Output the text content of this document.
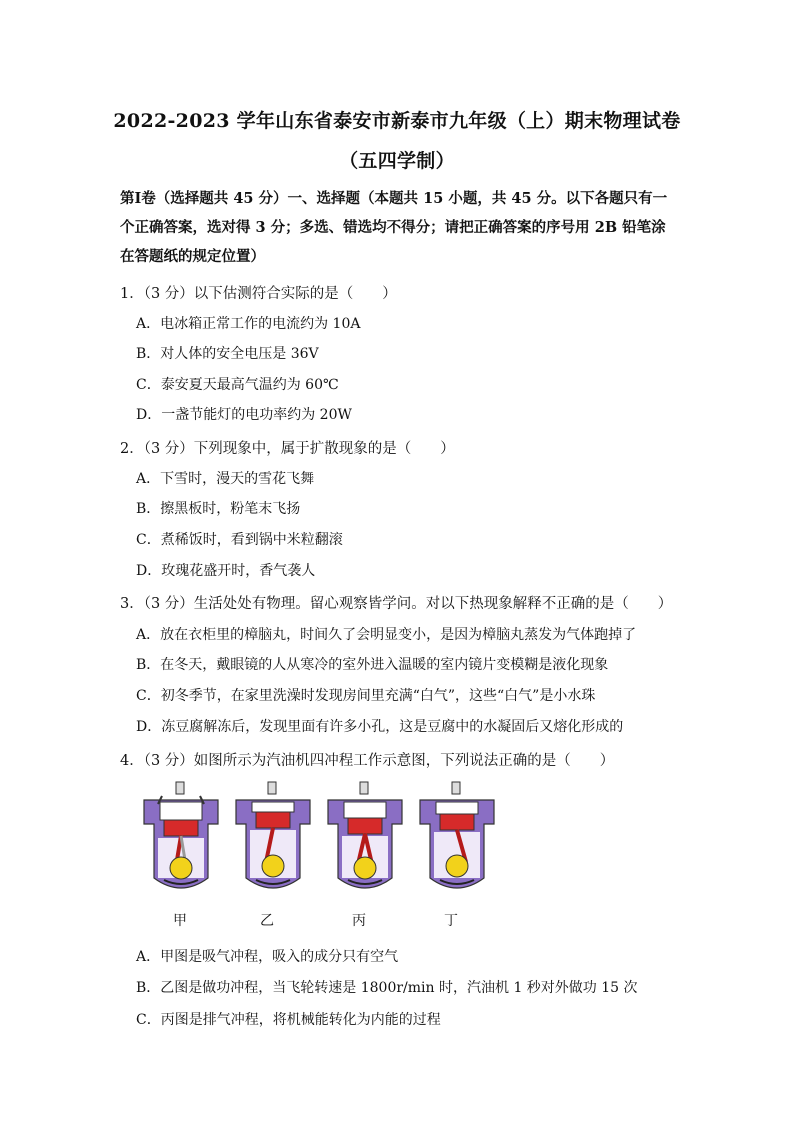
2022-2023 学年山东省泰安市新泰市九年级（上）期末物理试卷
（五四学制）
第Ⅰ卷（选择题共 45 分）一、选择题（本题共 15 小题，共 45 分。以下各题只有一个正确答案，选对得 3 分；多选、错选均不得分；请把正确答案的序号用 2B 铅笔涂在答题纸的规定位置）
1．（3 分）以下估测符合实际的是（　　）
A．电冰箱正常工作的电流约为 10A
B．对人体的安全电压是 36V
C．泰安夏天最高气温约为 60℃
D．一盏节能灯的电功率约为 20W
2．（3 分）下列现象中，属于扩散现象的是（　　）
A．下雪时，漫天的雪花飞舞
B．擦黑板时，粉笔末飞扬
C．煮稀饭时，看到锅中米粒翻滚
D．玫瑰花盛开时，香气袭人
3．（3 分）生活处处有物理。留心观察皆学问。对以下热现象解释不正确的是（　　）
A．放在衣柜里的樟脑丸，时间久了会明显变小，是因为樟脑丸蒸发为气体跑掉了
B．在冬天，戴眼镜的人从寒冷的室外进入温暖的室内镜片变模糊是液化现象
C．初冬季节，在家里洗澡时发现房间里充满“白气”，这些“白气”是小水珠
D．冻豆腐解冻后，发现里面有许多小孔，这是豆腐中的水凝固后又熔化形成的
4．（3 分）如图所示为汽油机四冲程工作示意图，下列说法正确的是（　　）
甲	乙	丙	丁
A．甲图是吸气冲程，吸入的成分只有空气
B．乙图是做功冲程，当飞轮转速是 1800r/min 时，汽油机 1 秒对外做功 15 次
C．丙图是排气冲程，将机械能转化为内能的过程
